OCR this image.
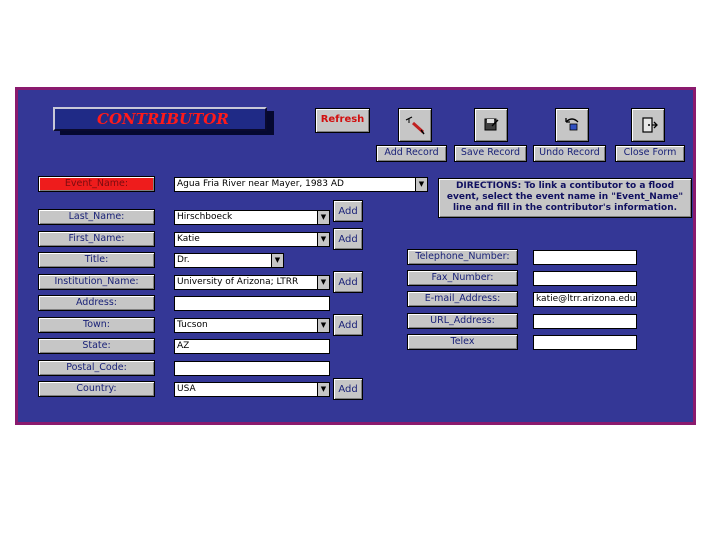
CONTRIBUTOR	Refresh
Add Record	Save Record	Undo Record	Close Form
Event_Name:	Agua Fria River near Mayer, 1983 AD	▼	DIRECTIONS: To link a contibutor to a flood event, select the event name in "Event_Name" line and fill in the contributor's information.
Last_Name:	Hirschboeck	▼	Add
First_Name:	Katie	▼	Add
Title:	Dr.	▼
Institution_Name:	University of Arizona; LTRR	▼	Add
Address:
Town:	Tucson	▼	Add
State:	AZ
Postal_Code:
Country:	USA	▼	Add
Telephone_Number:
Fax_Number:
E-mail_Address:	katie@ltrr.arizona.edu
URL_Address:
Telex
